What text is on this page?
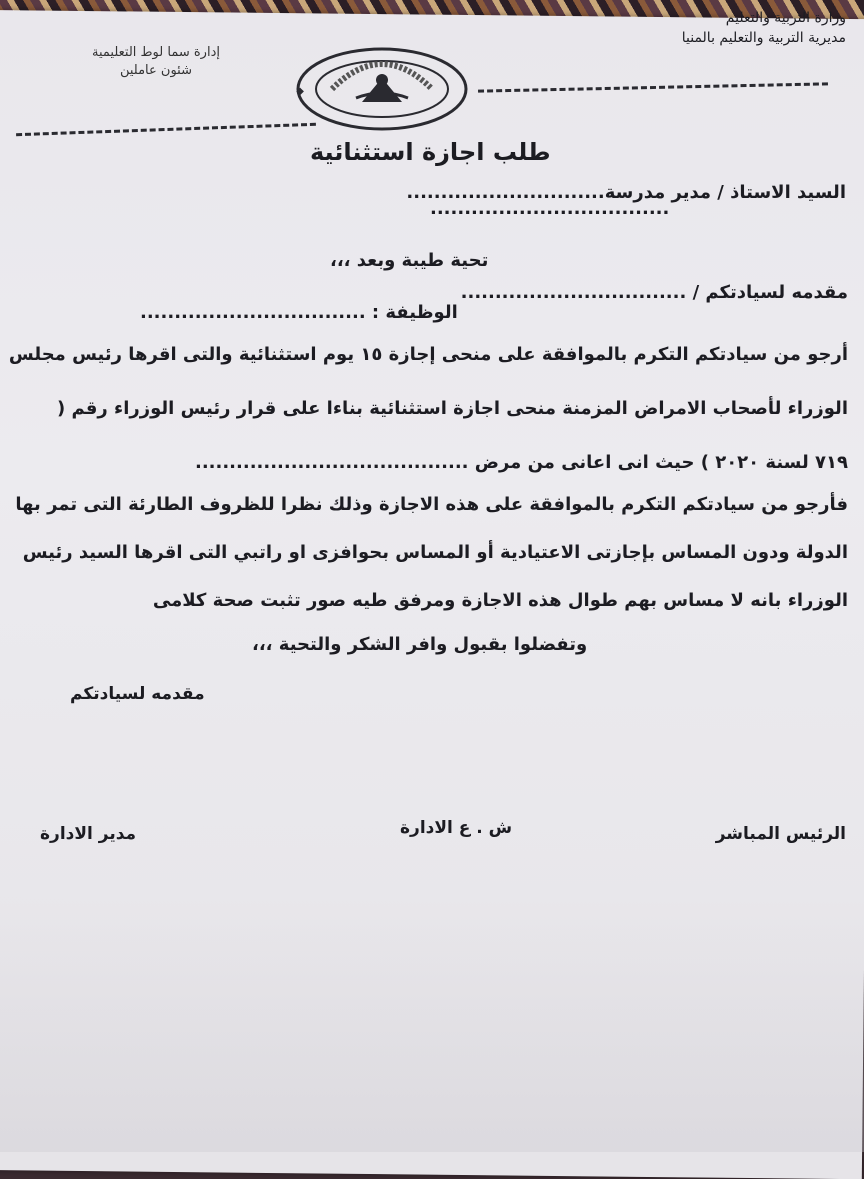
وزارة التربية والتعليم
مديرية التربية والتعليم بالمنيا
إدارة سما لوط التعليمية
شئون عاملين
◆
طلب اجازة استثنائية
السيد الاستاذ / مدير مدرسة.............................
...................................
تحية طيبة وبعد ،،،
مقدمه لسيادتكم / .................................
الوظيفة : .................................
أرجو من سيادتكم التكرم بالموافقة على منحى إجازة ١٥ يوم استثنائية والتى اقرها رئيس مجلس
الوزراء لأصحاب الامراض المزمنة منحى اجازة استثنائية بناءا على قرار رئيس الوزراء رقم (
٧١٩ لسنة ٢٠٢٠ ) حيث انى اعانى من مرض ........................................
فأرجو من سيادتكم التكرم بالموافقة على هذه الاجازة وذلك نظرا للظروف الطارئة التى تمر بها
الدولة ودون المساس بإجازتى الاعتيادية أو المساس بحوافزى او راتبي التى اقرها السيد رئيس
الوزراء بانه لا مساس بهم طوال هذه الاجازة ومرفق طيه صور تثبت صحة كلامى
وتفضلوا بقبول وافر الشكر والتحية ،،،
مقدمه لسيادتكم
الرئيس المباشر
ش . ع الادارة
مدير الادارة
